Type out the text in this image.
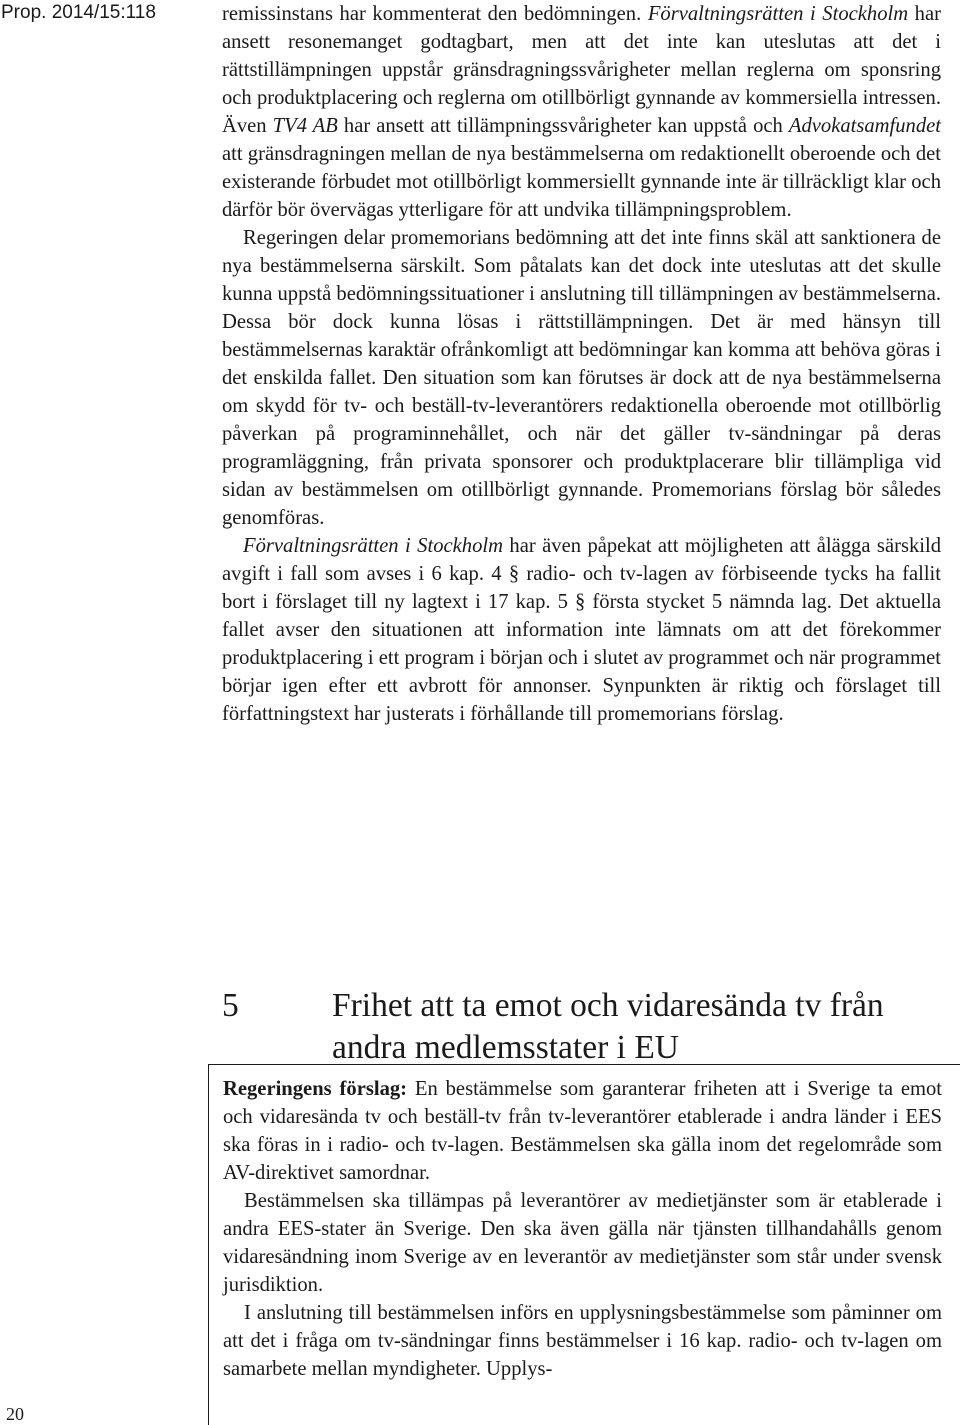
Prop. 2014/15:118	remissinstans har kommenterat den bedömningen. Förvaltningsrätten i Stockholm har ansett resonemanget godtagbart, men att det inte kan uteslutas att det i rättstillämpningen uppstår gränsdragningssvårigheter mellan reglerna om sponsring och produktplacering och reglerna om otillbörligt gynnande av kommersiella intressen. Även TV4 AB har ansett att tillämpningssvårigheter kan uppstå och Advokatsamfundet att gränsdragningen mellan de nya bestämmelserna om redaktionellt oberoende och det existerande förbudet mot otillbörligt kommersiellt gynnande inte är tillräckligt klar och därför bör övervägas ytterligare för att undvika tillämpningsproblem.

Regeringen delar promemorians bedömning att det inte finns skäl att sanktionera de nya bestämmelserna särskilt. Som påtalats kan det dock inte uteslutas att det skulle kunna uppstå bedömningssituationer i anslutning till tillämpningen av bestämmelserna. Dessa bör dock kunna lösas i rättstillämpningen. Det är med hänsyn till bestämmelsernas karaktär ofrånkomligt att bedömningar kan komma att behöva göras i det enskilda fallet. Den situation som kan förutses är dock att de nya bestämmelserna om skydd för tv- och beställ-tv-leverantörers redaktionella oberoende mot otillbörlig påverkan på programinnehållet, och när det gäller tv-sändningar på deras programläggning, från privata sponsorer och produktplacerare blir tillämpliga vid sidan av bestämmelsen om otillbörligt gynnande. Promemorians förslag bör således genomföras.

Förvaltningsrätten i Stockholm har även påpekat att möjligheten att ålägga särskild avgift i fall som avses i 6 kap. 4 § radio- och tv-lagen av förbiseende tycks ha fallit bort i förslaget till ny lagtext i 17 kap. 5 § första stycket 5 nämnda lag. Det aktuella fallet avser den situationen att information inte lämnats om att det förekommer produktplacering i ett program i början och i slutet av programmet och när programmet börjar igen efter ett avbrott för annonser. Synpunkten är riktig och förslaget till författningstext har justerats i förhållande till promemorians förslag.

5	Frihet att ta emot och vidaresända tv från andra medlemsstater i EU

Regeringens förslag: En bestämmelse som garanterar friheten att i Sverige ta emot och vidaresända tv och beställ-tv från tv-leverantörer etablerade i andra länder i EES ska föras in i radio- och tv-lagen. Bestämmelsen ska gälla inom det regelområde som AV-direktivet samordnar.

Bestämmelsen ska tillämpas på leverantörer av medietjänster som är etablerade i andra EES-stater än Sverige. Den ska även gälla när tjänsten tillhandahålls genom vidaresändning inom Sverige av en leverantör av medietjänster som står under svensk jurisdiktion.

I anslutning till bestämmelsen införs en upplysningsbestämmelse som påminner om att det i fråga om tv-sändningar finns bestämmelser i 16 kap. radio- och tv-lagen om samarbete mellan myndigheter. Upplys-

20
